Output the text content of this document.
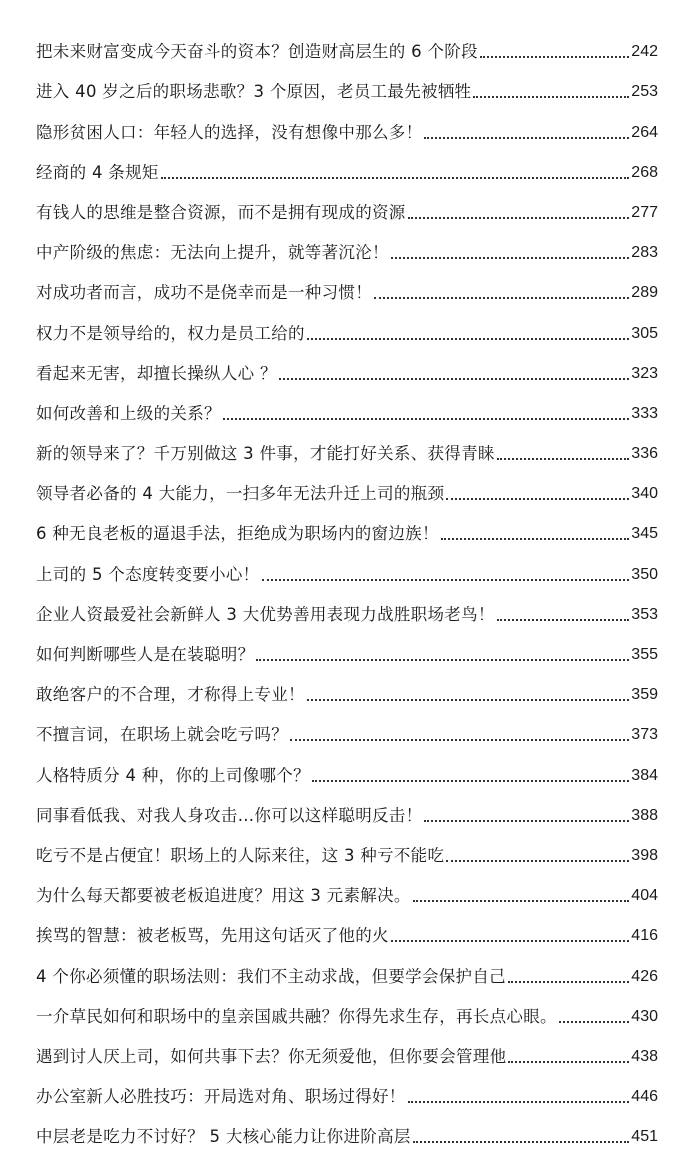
把未来财富变成今天奋斗的资本？创造财高层生的 6 个阶段	242
进入 40 岁之后的职场悲歌？3 个原因，老员工最先被牺牲	253
隐形贫困人口：年轻人的选择，没有想像中那么多！	264
经商的 4 条规矩	268
有钱人的思维是整合资源，而不是拥有现成的资源	277
中产阶级的焦虑：无法向上提升，就等著沉沦！	283
对成功者而言，成功不是侥幸而是一种习惯！	289
权力不是领导给的，权力是员工给的	305
看起来无害，却擅长操纵人心 ？	323
如何改善和上级的关系？	333
新的领导来了？千万别做这 3 件事，才能打好关系、获得青睐	336
领导者必备的 4 大能力，一扫多年无法升迁上司的瓶颈	340
6 种无良老板的逼退手法，拒绝成为职场内的窗边族！	345
上司的 5 个态度转变要小心！	350
企业人资最爱社会新鲜人 3 大优势善用表现力战胜职场老鸟！	353
如何判断哪些人是在装聪明？	355
敢绝客户的不合理，才称得上专业！	359
不擅言词，在职场上就会吃亏吗？	373
人格特质分 4 种，你的上司像哪个？	384
同事看低我、对我人身攻击…你可以这样聪明反击！	388
吃亏不是占便宜！职场上的人际来往，这 3 种亏不能吃	398
为什么每天都要被老板追进度？用这 3 元素解决。	404
挨骂的智慧：被老板骂，先用这句话灭了他的火	416
4 个你必须懂的职场法则：我们不主动求战，但要学会保护自己	426
一介草民如何和职场中的皇亲国戚共融？你得先求生存，再长点心眼。	430
遇到讨人厌上司，如何共事下去？你无须爱他，但你要会管理他	438
办公室新人必胜技巧：开局选对角、职场过得好！	446
中层老是吃力不讨好？ 5 大核心能力让你进阶高层	451
